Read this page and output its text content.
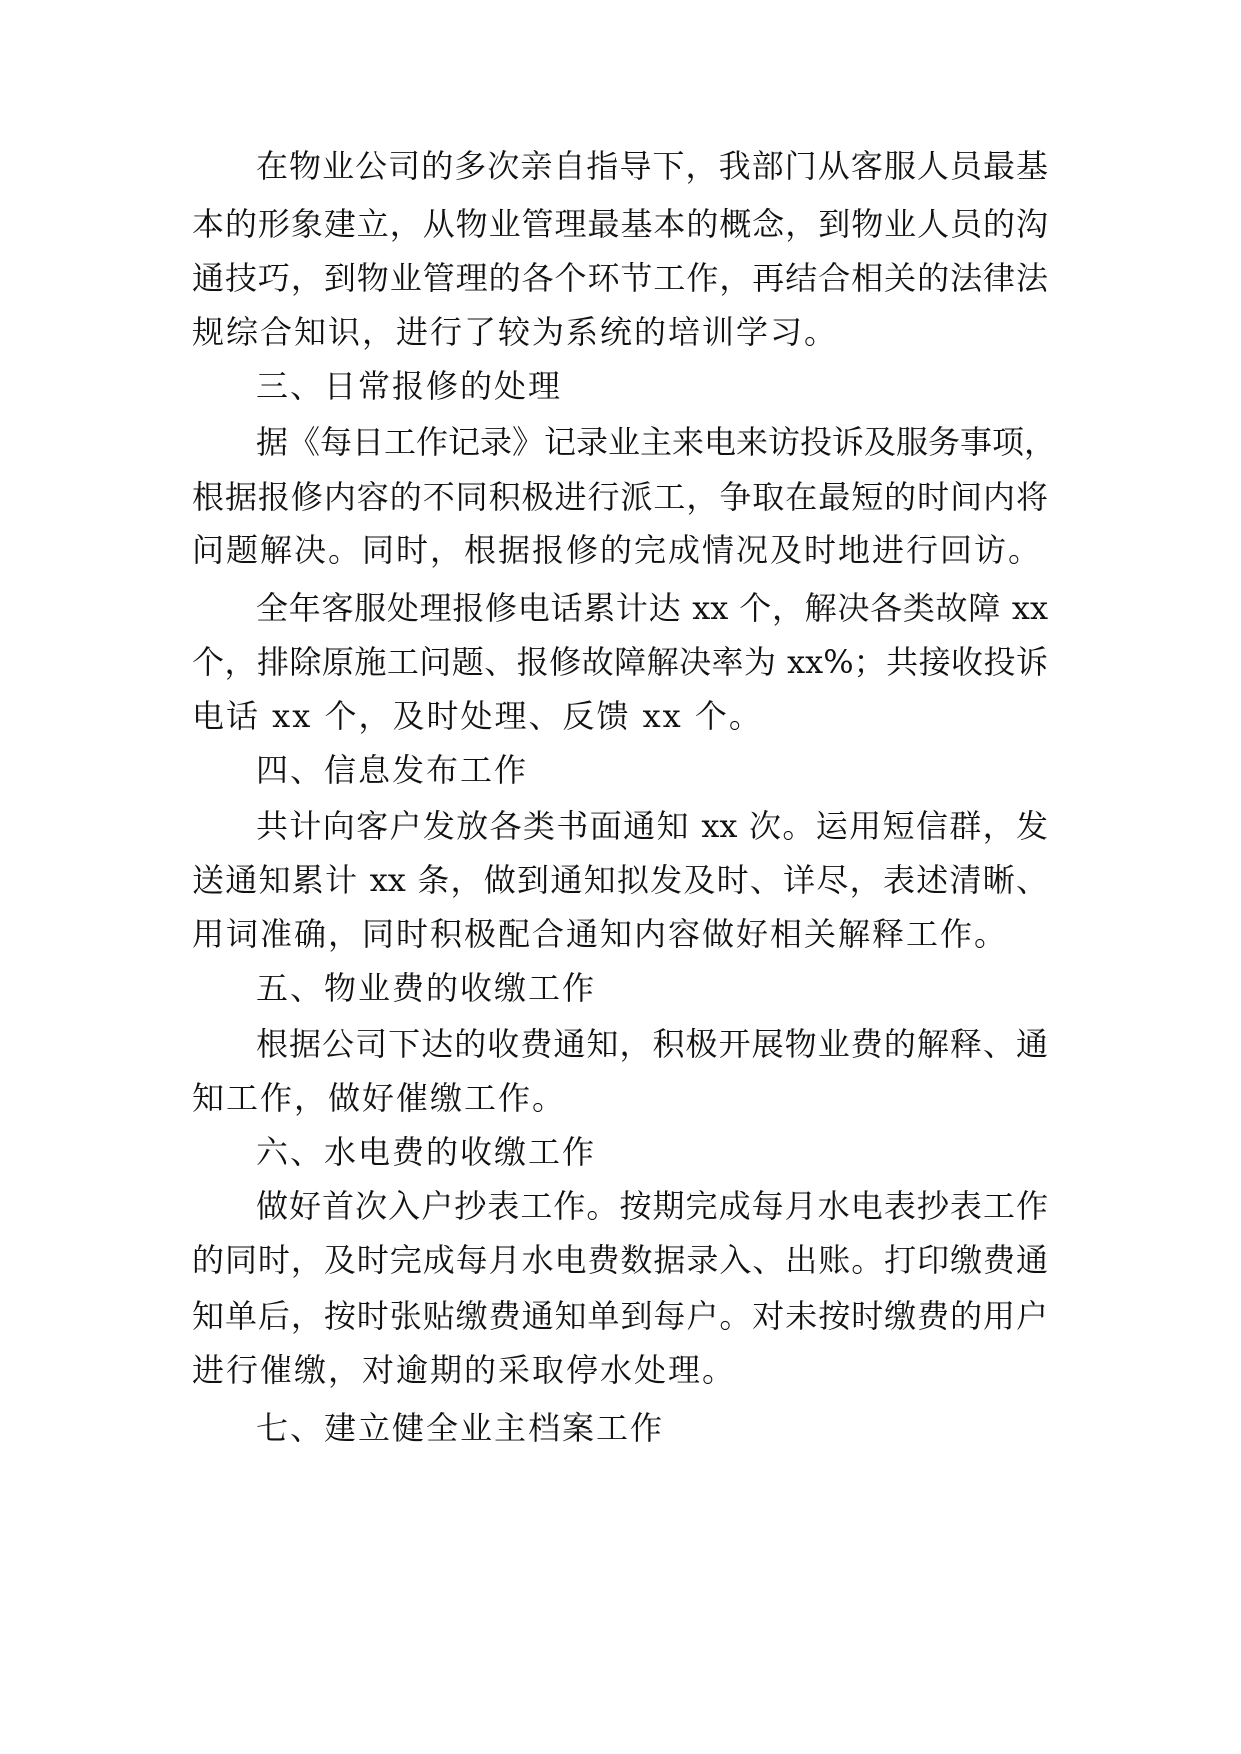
在物业公司的多次亲自指导下，我部门从客服人员最基
本的形象建立，从物业管理最基本的概念，到物业人员的沟
通技巧，到物业管理的各个环节工作，再结合相关的法律法
规综合知识，进行了较为系统的培训学习。
三、日常报修的处理
据《每日工作记录》记录业主来电来访投诉及服务事项，
根据报修内容的不同积极进行派工，争取在最短的时间内将
问题解决。同时，根据报修的完成情况及时地进行回访。
全年客服处理报修电话累计达 xx 个，解决各类故障 xx
个，排除原施工问题、报修故障解决率为 xx%；共接收投诉
电话 xx 个，及时处理、反馈 xx 个。
四、信息发布工作
共计向客户发放各类书面通知 xx 次。运用短信群，发
送通知累计 xx 条，做到通知拟发及时、详尽，表述清晰、
用词准确，同时积极配合通知内容做好相关解释工作。
五、物业费的收缴工作
根据公司下达的收费通知，积极开展物业费的解释、通
知工作，做好催缴工作。
六、水电费的收缴工作
做好首次入户抄表工作。按期完成每月水电表抄表工作
的同时，及时完成每月水电费数据录入、出账。打印缴费通
知单后，按时张贴缴费通知单到每户。对未按时缴费的用户
进行催缴，对逾期的采取停水处理。
七、建立健全业主档案工作
